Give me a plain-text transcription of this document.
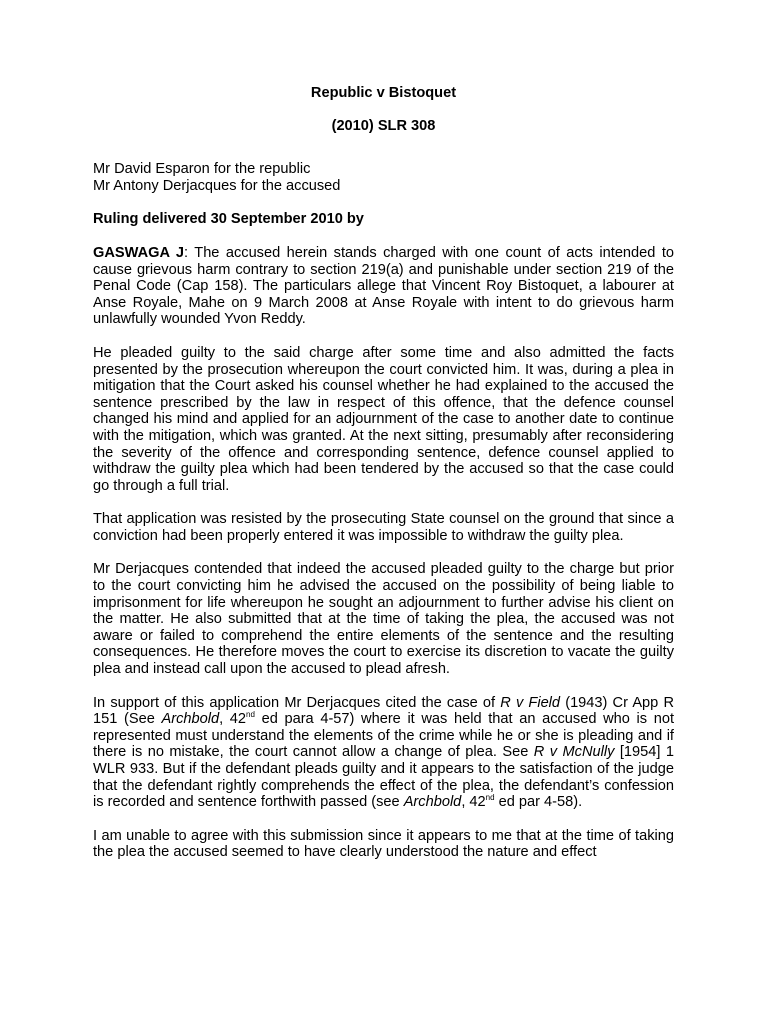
Republic v Bistoquet
(2010) SLR 308
Mr David Esparon for the republic
Mr Antony Derjacques for the accused
Ruling delivered 30 September 2010 by

GASWAGA J: The accused herein stands charged with one count of acts intended to cause grievous harm contrary to section 219(a) and punishable under section 219 of the Penal Code (Cap 158). The particulars allege that Vincent Roy Bistoquet, a labourer at Anse Royale, Mahe on 9 March 2008 at Anse Royale with intent to do grievous harm unlawfully wounded Yvon Reddy.

He pleaded guilty to the said charge after some time and also admitted the facts presented by the prosecution whereupon the court convicted him. It was, during a plea in mitigation that the Court asked his counsel whether he had explained to the accused the sentence prescribed by the law in respect of this offence, that the defence counsel changed his mind and applied for an adjournment of the case to another date to continue with the mitigation, which was granted. At the next sitting, presumably after reconsidering the severity of the offence and corresponding sentence, defence counsel applied to withdraw the guilty plea which had been tendered by the accused so that the case could go through a full trial.

That application was resisted by the prosecuting State counsel on the ground that since a conviction had been properly entered it was impossible to withdraw the guilty plea.

Mr Derjacques contended that indeed the accused pleaded guilty to the charge but prior to the court convicting him he advised the accused on the possibility of being liable to imprisonment for life whereupon he sought an adjournment to further advise his client on the matter. He also submitted that at the time of taking the plea, the accused was not aware or failed to comprehend the entire elements of the sentence and the resulting consequences. He therefore moves the court to exercise its discretion to vacate the guilty plea and instead call upon the accused to plead afresh.

In support of this application Mr Derjacques cited the case of R v Field (1943) Cr App R 151 (See Archbold, 42nd ed para 4-57) where it was held that an accused who is not represented must understand the elements of the crime while he or she is pleading and if there is no mistake, the court cannot allow a change of plea. See R v McNully [1954] 1 WLR 933. But if the defendant pleads guilty and it appears to the satisfaction of the judge that the defendant rightly comprehends the effect of the plea, the defendant’s confession is recorded and sentence forthwith passed (see Archbold, 42nd ed par 4-58).

I am unable to agree with this submission since it appears to me that at the time of taking the plea the accused seemed to have clearly understood the nature and effect
